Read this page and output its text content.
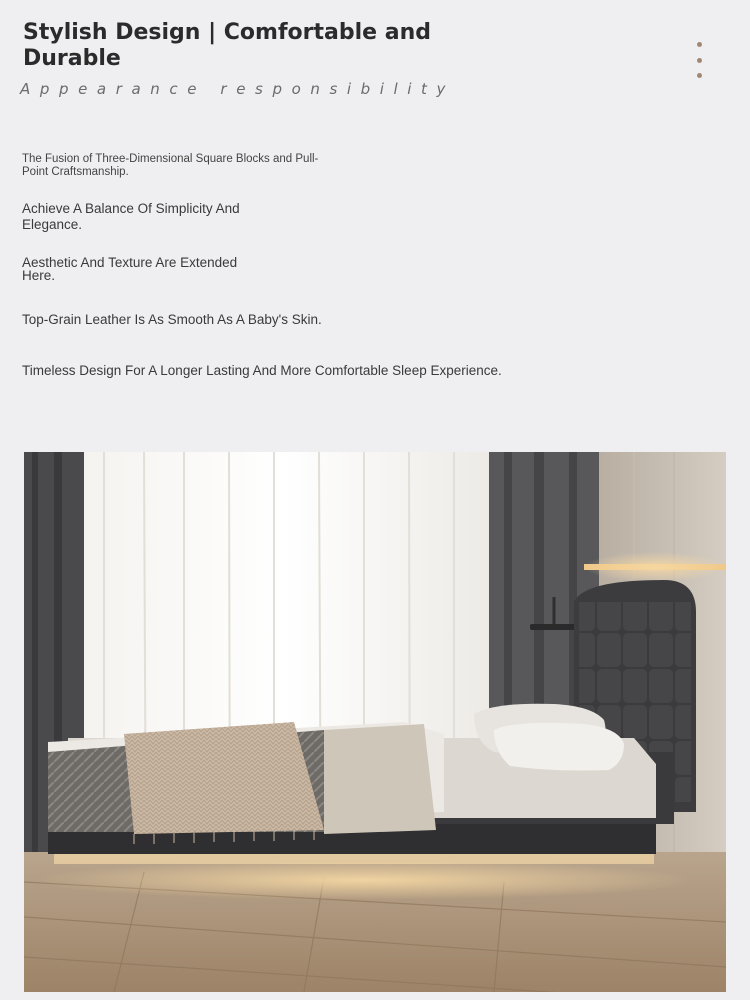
Stylish Design | Comfortable and Durable
Appearance responsibility
The Fusion of Three-Dimensional Square Blocks and Pull-Point Craftsmanship.
Achieve A Balance Of Simplicity And Elegance.
Aesthetic And Texture Are Extended Here.
Top-Grain Leather Is As Smooth As A Baby's Skin.
Timeless Design For A Longer Lasting And More Comfortable Sleep Experience.
